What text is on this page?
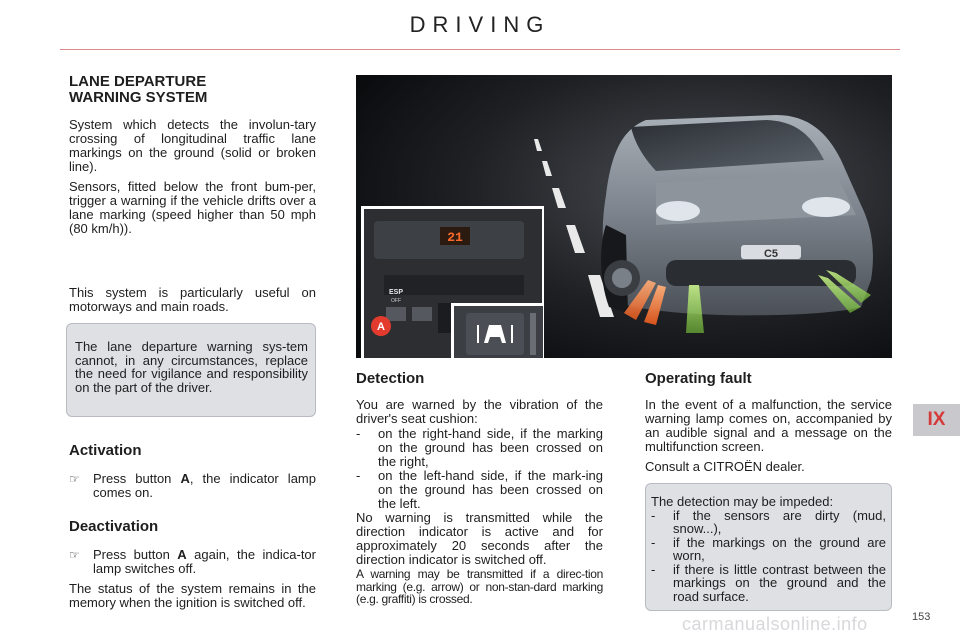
DRIVING
LANE DEPARTURE
WARNING SYSTEM

System which detects the involun-tary crossing of longitudinal traffic lane markings on the ground (solid or broken line).

Sensors, fitted below the front bum-per, trigger a warning if the vehicle drifts over a lane marking (speed higher than 50 mph (80 km/h)).

This system is particularly useful on motorways and main roads.

The lane departure warning sys-tem cannot, in any circumstances, replace the need for vigilance and responsibility on the part of the driver.
Activation
☞	Press button A, the indicator lamp comes on.
Deactivation
☞	Press button A again, the indica-tor lamp switches off.

The status of the system remains in the memory when the ignition is switched off.

C5
21
ESP
OFF
A
Detection

You are warned by the vibration of the driver's seat cushion:

-	on the right-hand side, if the marking on the ground has been crossed on the right,
-	on the left-hand side, if the mark-ing on the ground has been crossed on the left.

No warning is transmitted while the direction indicator is active and for approximately 20 seconds after the direction indicator is switched off.

A warning may be transmitted if a direc-tion marking (e.g. arrow) or non-stan-dard marking (e.g. graffiti) is crossed.

Operating fault

In the event of a malfunction, the service warning lamp comes on, accompanied by an audible signal and a message on the multifunction screen.

Consult a CITROËN dealer.

The detection may be impeded:
-	if the sensors are dirty (mud, snow...),
-	if the markings on the ground are worn,
-	if there is little contrast between the markings on the ground and the road surface.
IX
carmanualsonline.info	153
